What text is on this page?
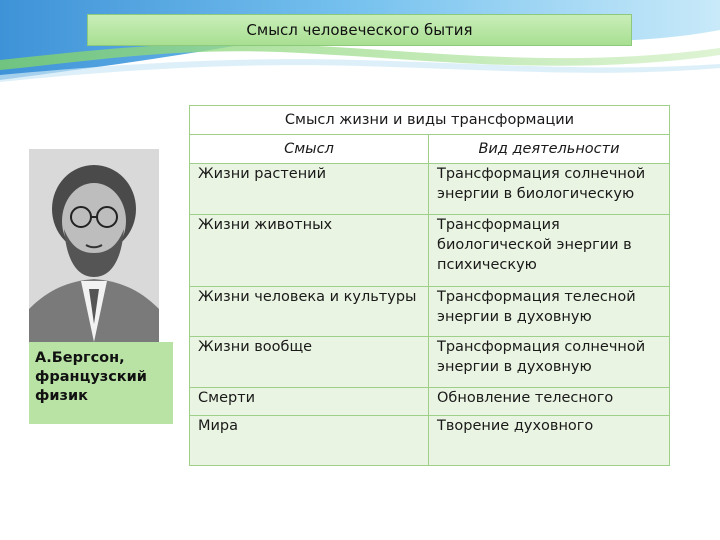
Смысл человеческого бытия
А.Бергсон, французский физик
Смысл жизни и виды трансформации	
Смысл	Вид деятельности
Жизни растений	Трансформация солнечной энергии в биологическую
Жизни животных	Трансформация биологической энергии в психическую
Жизни человека и культуры	Трансформация телесной энергии в духовную
Жизни вообще	Трансформация солнечной энергии в духовную
Смерти	Обновление телесного
Мира	Творение духовного
